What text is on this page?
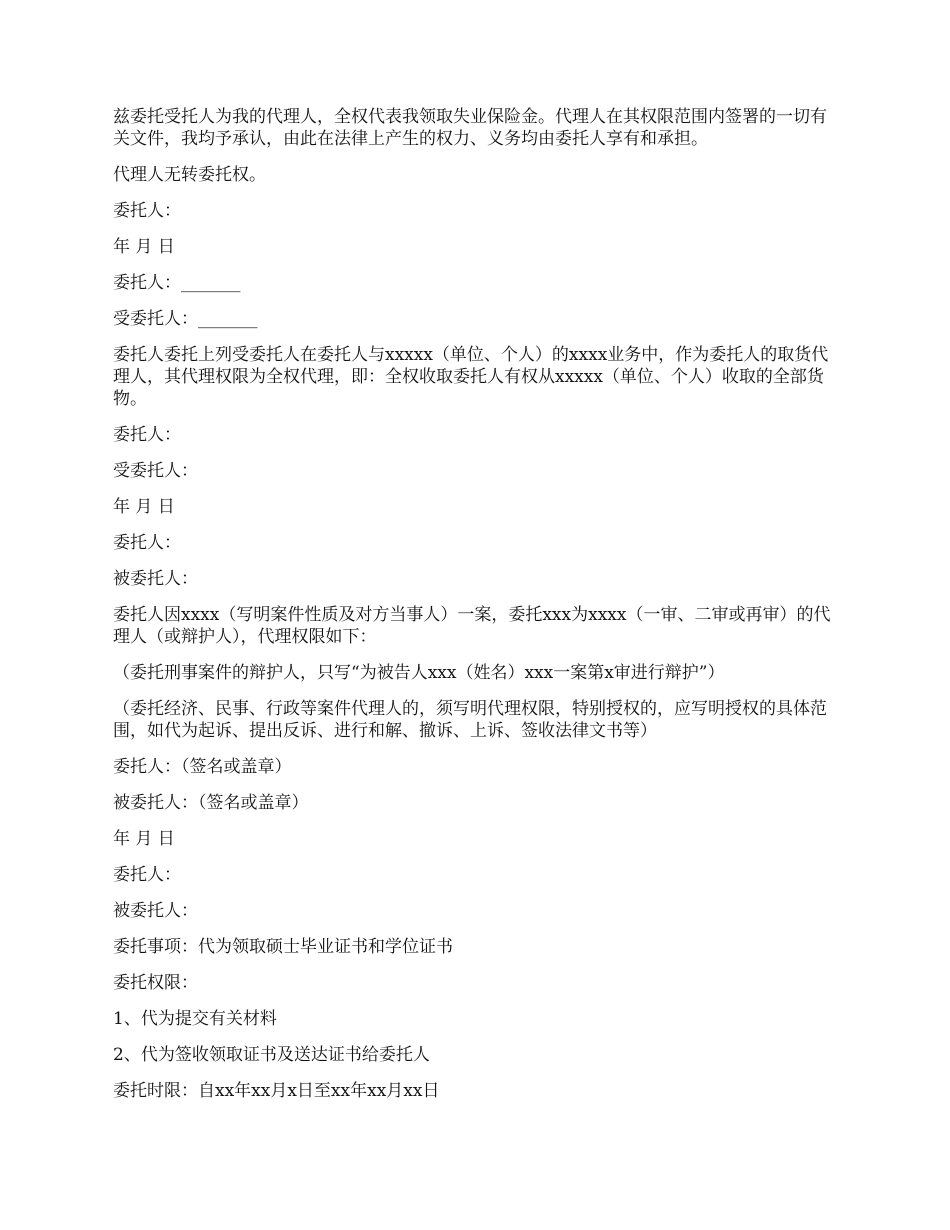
兹委托受托人为我的代理人，全权代表我领取失业保险金。代理人在其权限范围内签署的一切有关文件，我均予承认，由此在法律上产生的权力、义务均由委托人享有和承担。

代理人无转委托权。

委托人：

年 月 日

委托人：_______

受委托人：_______

委托人委托上列受委托人在委托人与xxxxx（单位、个人）的xxxx业务中，作为委托人的取货代理人，其代理权限为全权代理，即：全权收取委托人有权从xxxxx（单位、个人）收取的全部货物。

委托人：

受委托人：

年 月 日

委托人：

被委托人：

委托人因xxxx（写明案件性质及对方当事人）一案，委托xxx为xxxx（一审、二审或再审）的代理人（或辩护人），代理权限如下：

（委托刑事案件的辩护人，只写“为被告人xxx（姓名）xxx一案第x审进行辩护”）

（委托经济、民事、行政等案件代理人的，须写明代理权限，特别授权的，应写明授权的具体范围，如代为起诉、提出反诉、进行和解、撤诉、上诉、签收法律文书等）

委托人：（签名或盖章）

被委托人：（签名或盖章）

年 月 日

委托人：

被委托人：

委托事项：代为领取硕士毕业证书和学位证书

委托权限：

1、代为提交有关材料

2、代为签收领取证书及送达证书给委托人

委托时限：自xx年xx月x日至xx年xx月xx日
